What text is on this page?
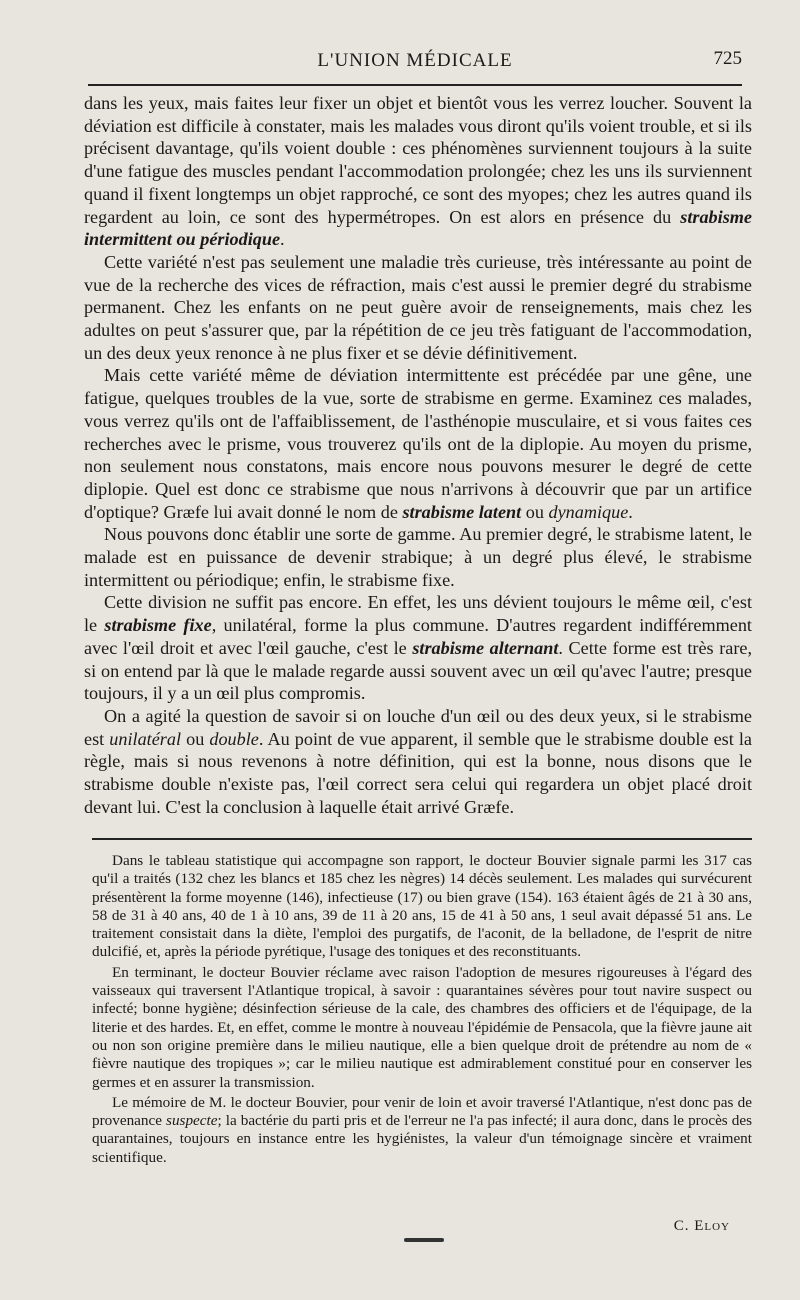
L'UNION MÉDICALE	725

dans les yeux, mais faites leur fixer un objet et bientôt vous les verrez loucher. Souvent la déviation est difficile à constater, mais les malades vous diront qu'ils voient trouble, et si ils précisent davantage, qu'ils voient double : ces phénomènes surviennent toujours à la suite d'une fatigue des muscles pendant l'accommodation prolongée; chez les uns ils surviennent quand il fixent longtemps un objet rapproché, ce sont des myopes; chez les autres quand ils regardent au loin, ce sont des hypermétropes. On est alors en présence du strabisme intermittent ou périodique.

Cette variété n'est pas seulement une maladie très curieuse, très intéressante au point de vue de la recherche des vices de réfraction, mais c'est aussi le premier degré du strabisme permanent. Chez les enfants on ne peut guère avoir de renseignements, mais chez les adultes on peut s'assurer que, par la répétition de ce jeu très fatiguant de l'accommodation, un des deux yeux renonce à ne plus fixer et se dévie définitivement.

Mais cette variété même de déviation intermittente est précédée par une gêne, une fatigue, quelques troubles de la vue, sorte de strabisme en germe. Examinez ces malades, vous verrez qu'ils ont de l'affaiblissement, de l'asthénopie musculaire, et si vous faites ces recherches avec le prisme, vous trouverez qu'ils ont de la diplopie. Au moyen du prisme, non seulement nous constatons, mais encore nous pouvons mesurer le degré de cette diplopie. Quel est donc ce strabisme que nous n'arrivons à découvrir que par un artifice d'optique? Græfe lui avait donné le nom de strabisme latent ou dynamique.

Nous pouvons donc établir une sorte de gamme. Au premier degré, le strabisme latent, le malade est en puissance de devenir strabique; à un degré plus élevé, le strabisme intermittent ou périodique; enfin, le strabisme fixe.

Cette division ne suffit pas encore. En effet, les uns dévient toujours le même œil, c'est le strabisme fixe, unilatéral, forme la plus commune. D'autres regardent indifféremment avec l'œil droit et avec l'œil gauche, c'est le strabisme alternant. Cette forme est très rare, si on entend par là que le malade regarde aussi souvent avec un œil qu'avec l'autre; presque toujours, il y a un œil plus compromis.

On a agité la question de savoir si on louche d'un œil ou des deux yeux, si le strabisme est unilatéral ou double. Au point de vue apparent, il semble que le strabisme double est la règle, mais si nous revenons à notre définition, qui est la bonne, nous disons que le strabisme double n'existe pas, l'œil correct sera celui qui regardera un objet placé droit devant lui. C'est la conclusion à laquelle était arrivé Græfe.

Dans le tableau statistique qui accompagne son rapport, le docteur Bouvier signale parmi les 317 cas qu'il a traités (132 chez les blancs et 185 chez les nègres) 14 décès seulement. Les malades qui survécurent présentèrent la forme moyenne (146), infectieuse (17) ou bien grave (154). 163 étaient âgés de 21 à 30 ans, 58 de 31 à 40 ans, 40 de 1 à 10 ans, 39 de 11 à 20 ans, 15 de 41 à 50 ans, 1 seul avait dépassé 51 ans. Le traitement consistait dans la diète, l'emploi des purgatifs, de l'aconit, de la belladone, de l'esprit de nitre dulcifié, et, après la période pyrétique, l'usage des toniques et des reconstituants.

En terminant, le docteur Bouvier réclame avec raison l'adoption de mesures rigoureuses à l'égard des vaisseaux qui traversent l'Atlantique tropical, à savoir : quarantaines sévères pour tout navire suspect ou infecté; bonne hygiène; désinfection sérieuse de la cale, des chambres des officiers et de l'équipage, de la literie et des hardes. Et, en effet, comme le montre à nouveau l'épidémie de Pensacola, que la fièvre jaune ait ou non son origine première dans le milieu nautique, elle a bien quelque droit de prétendre au nom de « fièvre nautique des tropiques »; car le milieu nautique est admirablement constitué pour en conserver les germes et en assurer la transmission.

Le mémoire de M. le docteur Bouvier, pour venir de loin et avoir traversé l'Atlantique, n'est donc pas de provenance suspecte; la bactérie du parti pris et de l'erreur ne l'a pas infecté; il aura donc, dans le procès des quarantaines, toujours en instance entre les hygiénistes, la valeur d'un témoignage sincère et vraiment scientifique.

C. Eloy
